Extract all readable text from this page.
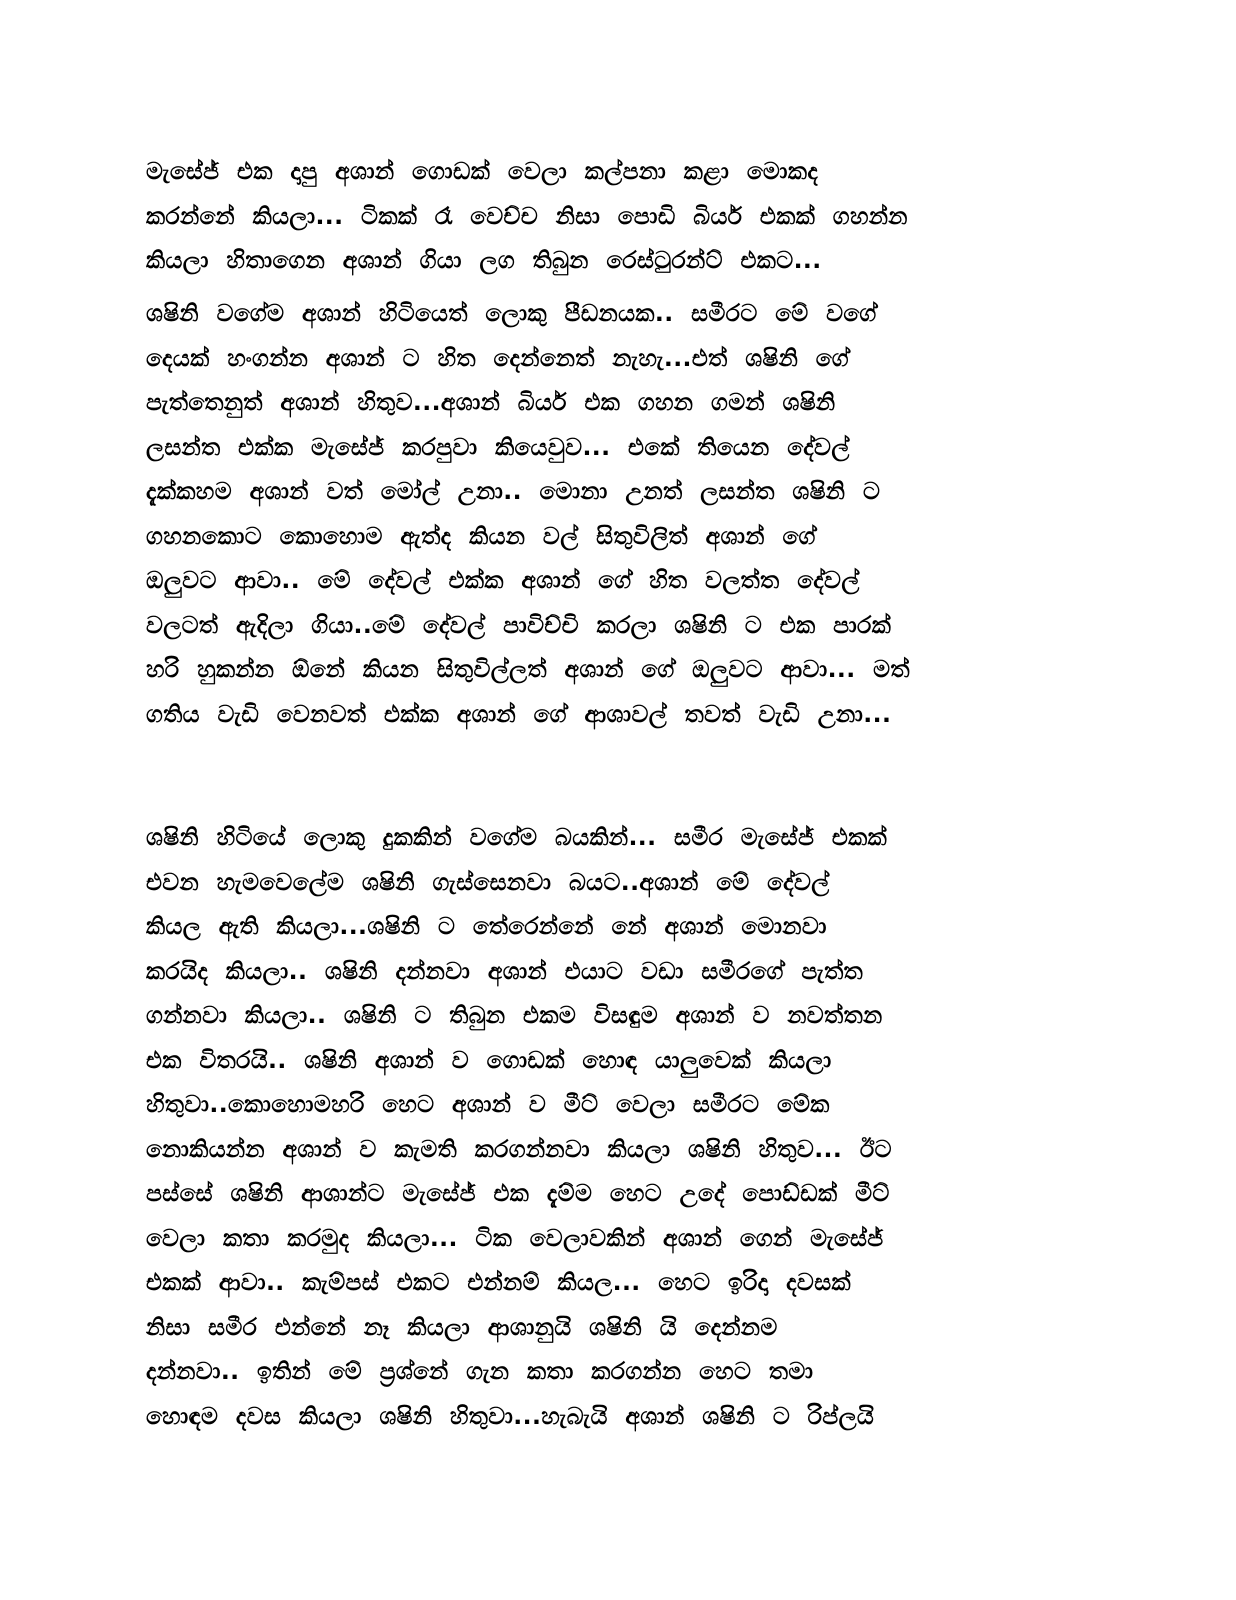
මැසේජ් එක දාපු අශාන් ගොඩක් වෙලා කල්පනා කළා මොකද
කරන්නේ කියලා... ටිකක් රෑ වෙච්ච නිසා පොඩි බියර් එකක් ගහන්න
කියලා හිතාගෙන අශාන් ගියා ලග තිබුන රෙස්ටුරන්ට් එකට...
ශෂිනි වගේම අශාන් හිටියෙත් ලොකු පීඩනයක.. සමීරට මේ වගේ
දෙයක් හංගන්න අශාන් ට හිත දෙන්නෙත් නැහැ...එත් ශෂිනි ගේ
පැත්තෙනුත් අශාන් හිතුව...අශාන් බියර් එක ගහන ගමන් ශෂිනි
ලසන්ත එක්ක මැසේජ් කරපුවා කියෙවුව... එකේ තියෙන දේවල්
දැක්කහම අශාන් වත් මෝල් උනා.. මොනා උනත් ලසන්ත ශෂිනි ට
ගහනකොට කොහොම ඇත්ද කියන වල් සිතුවිලිත් අශාන් ගේ
ඔලුවට ආවා.. මේ දේවල් එක්ක අශාන් ගේ හිත වලත්ත දේවල්
වලටත් ඇදිලා ගියා..මේ දේවල් පාවිච්චි කරලා ශෂිනි ට එක පාරක්
හරි හුකන්න ඕනේ කියන සිතුවිල්ලත් අශාන් ගේ ඔලුවට ආවා... මත්
ගතිය වැඩි වෙනවත් එක්ක අශාන් ගේ ආශාවල් තවත් වැඩි උනා...
ශෂිනි හිටියේ ලොකු දුකකින් වගේම බයකින්... සමීර මැසේජ් එකක්
එවන හැමවෙලේම ශෂිනි ගැස්සෙනවා බයට..අශාන් මේ දේවල්
කියල ඇති කියලා...ශෂිනි ට තේරෙන්නේ නේ අශාන් මොනවා
කරයිද කියලා.. ශෂිනි දන්නවා අශාන් එයාට වඩා සමීරගේ පැත්ත
ගන්නවා කියලා.. ශෂිනි ට තිබුන එකම විසඳුම අශාන් ව නවත්තන
එක විතරයි.. ශෂිනි අශාන් ව ගොඩක් හොඳ යාලුවෙක් කියලා
හිතුවා..කොහොමහරි හෙට අශාන් ව මීට් වෙලා සමීරට මේක
නොකියන්න අශාන් ව කැමති කරගන්නවා කියලා ශෂිනි හිතුව... ඊට
පස්සේ ශෂිනි ආශාන්ට මැසේජ් එක දැම්ම හෙට උදේ පොඩ්ඩක් මීට්
වෙලා කතා කරමුද කියලා... ටික වෙලාවකින් අශාන් ගෙන් මැසේජ්
එකක් ආවා.. කැම්පස් එකට එන්නම් කියල... හෙට ඉරිදා දවසක්
නිසා සමීර එන්නේ නෑ කියලා ආශානුයි ශෂිනි යි දෙන්නම
දන්නවා.. ඉතින් මේ ප්‍රශ්නේ ගැන කතා කරගන්න හෙට තමා
හොඳම දවස කියලා ශෂිනි හිතුවා...හැබැයි අශාන් ශෂිනි ට රිප්ලයි
